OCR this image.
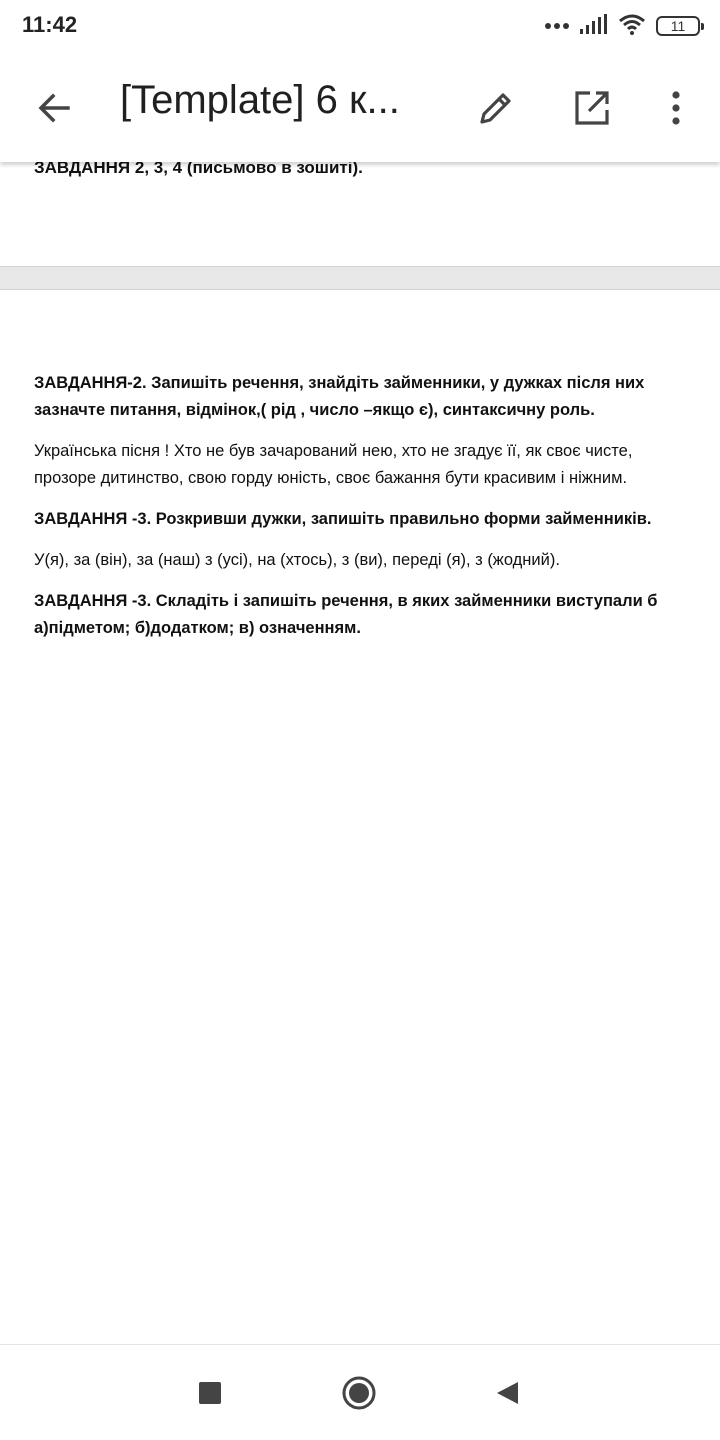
11:42	11
[Template] 6 к...
ЗАВДАННЯ 2, 3, 4 (письмово в зошиті).

ЗАВДАННЯ-2. Запишіть речення, знайдіть займенники, у дужках після них зазначте питання, відмінок,( рід , число –якщо є), синтаксичну роль.

Українська пісня ! Хто не був зачарований нею, хто не згадує її, як своє чисте, прозоре дитинство, свою горду юність, своє бажання бути красивим і ніжним.

ЗАВДАННЯ -3. Розкривши дужки, запишіть правильно форми займенників.

У(я), за (він), за (наш) з (усі), на (хтось), з (ви), переді (я), з (жодний).

ЗАВДАННЯ -3. Складіть і запишіть речення, в яких займенники виступали б а)підметом; б)додатком; в) означенням.
